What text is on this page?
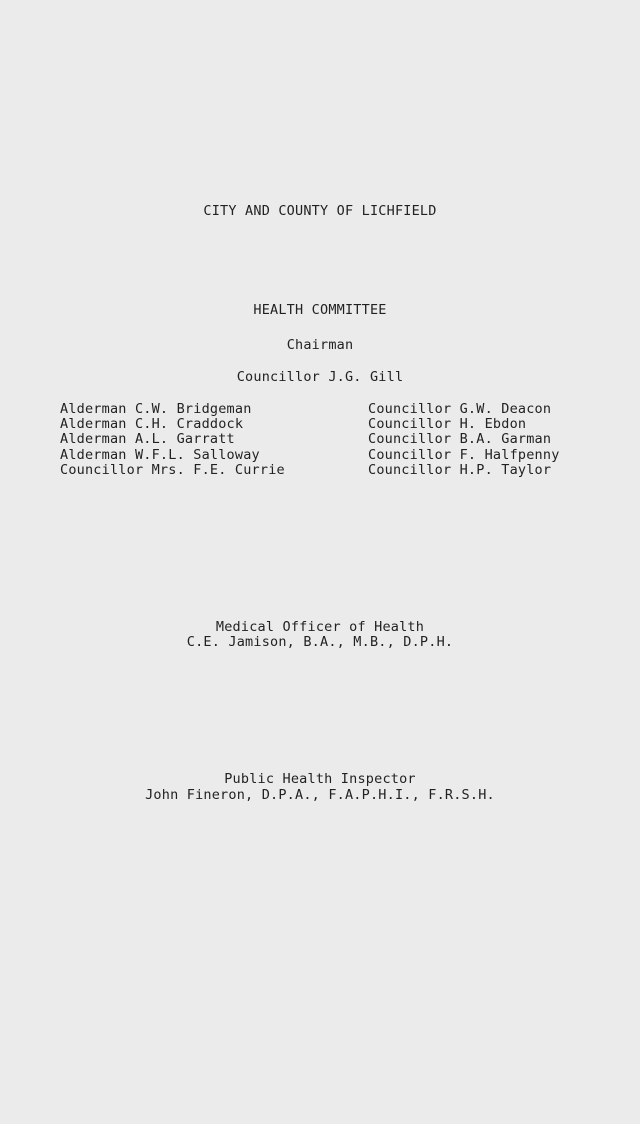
CITY AND COUNTY OF LICHFIELD
HEALTH COMMITTEE
Chairman
Councillor J.G. Gill
Alderman C.W. Bridgeman
Alderman C.H. Craddock
Alderman A.L. Garratt
Alderman W.F.L. Salloway
Councillor Mrs. F.E. Currie
Councillor G.W. Deacon
Councillor H. Ebdon
Councillor B.A. Garman
Councillor F. Halfpenny
Councillor H.P. Taylor
Medical Officer of Health
C.E. Jamison, B.A., M.B., D.P.H.
Public Health Inspector
John Fineron, D.P.A., F.A.P.H.I., F.R.S.H.
